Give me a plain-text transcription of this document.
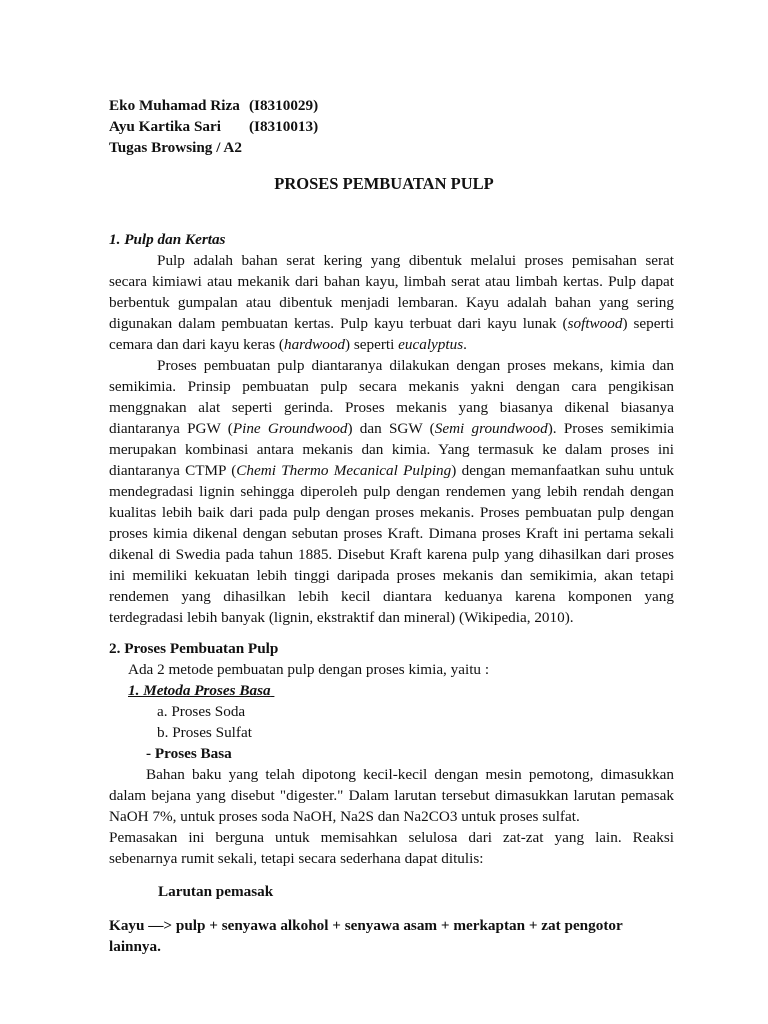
Eko Muhamad Riza (I8310029)
Ayu Kartika Sari (I8310013)
Tugas Browsing / A2
PROSES PEMBUATAN PULP
1. Pulp dan Kertas
Pulp adalah bahan serat kering yang dibentuk melalui proses pemisahan serat
secara kimiawi atau mekanik dari bahan kayu, limbah serat atau limbah kertas. Pulp dapat
berbentuk gumpalan atau dibentuk menjadi lembaran. Kayu adalah bahan yang sering
digunakan dalam pembuatan kertas. Pulp kayu terbuat dari kayu lunak (softwood) seperti
cemara dan dari kayu keras (hardwood) seperti eucalyptus.
Proses pembuatan pulp diantaranya dilakukan dengan proses mekans, kimia dan
semikimia. Prinsip pembuatan pulp secara mekanis yakni dengan cara pengikisan
menggnakan alat seperti gerinda. Proses mekanis yang biasanya dikenal biasanya
diantaranya PGW (Pine Groundwood) dan SGW (Semi groundwood). Proses semikimia
merupakan kombinasi antara mekanis dan kimia. Yang termasuk ke dalam proses ini
diantaranya CTMP (Chemi Thermo Mecanical Pulping) dengan memanfaatkan suhu untuk
mendegradasi lignin sehingga diperoleh pulp dengan rendemen yang lebih rendah dengan
kualitas lebih baik dari pada pulp dengan proses mekanis. Proses pembuatan pulp dengan
proses kimia dikenal dengan sebutan proses Kraft. Dimana proses Kraft ini pertama sekali
dikenal di Swedia pada tahun 1885. Disebut Kraft karena pulp yang dihasilkan dari proses
ini memiliki kekuatan lebih tinggi daripada proses mekanis dan semikimia, akan tetapi
rendemen yang dihasilkan lebih kecil diantara keduanya karena komponen yang
terdegradasi lebih banyak (lignin, ekstraktif dan mineral) (Wikipedia, 2010).
2. Proses Pembuatan Pulp
Ada 2 metode pembuatan pulp dengan proses kimia, yaitu :
1. Metoda Proses Basa
a. Proses Soda
b. Proses Sulfat
- Proses Basa
Bahan baku yang telah dipotong kecil-kecil dengan mesin pemotong, dimasukkan
dalam bejana yang disebut "digester." Dalam larutan tersebut dimasukkan larutan pemasak
NaOH 7%, untuk proses soda NaOH, Na2S dan Na2CO3 untuk proses sulfat.
Pemasakan ini berguna untuk memisahkan selulosa dari zat-zat yang lain. Reaksi
sebenarnya rumit sekali, tetapi secara sederhana dapat ditulis:
Larutan pemasak
Kayu —> pulp + senyawa alkohol + senyawa asam + merkaptan + zat pengotor
lainnya.
